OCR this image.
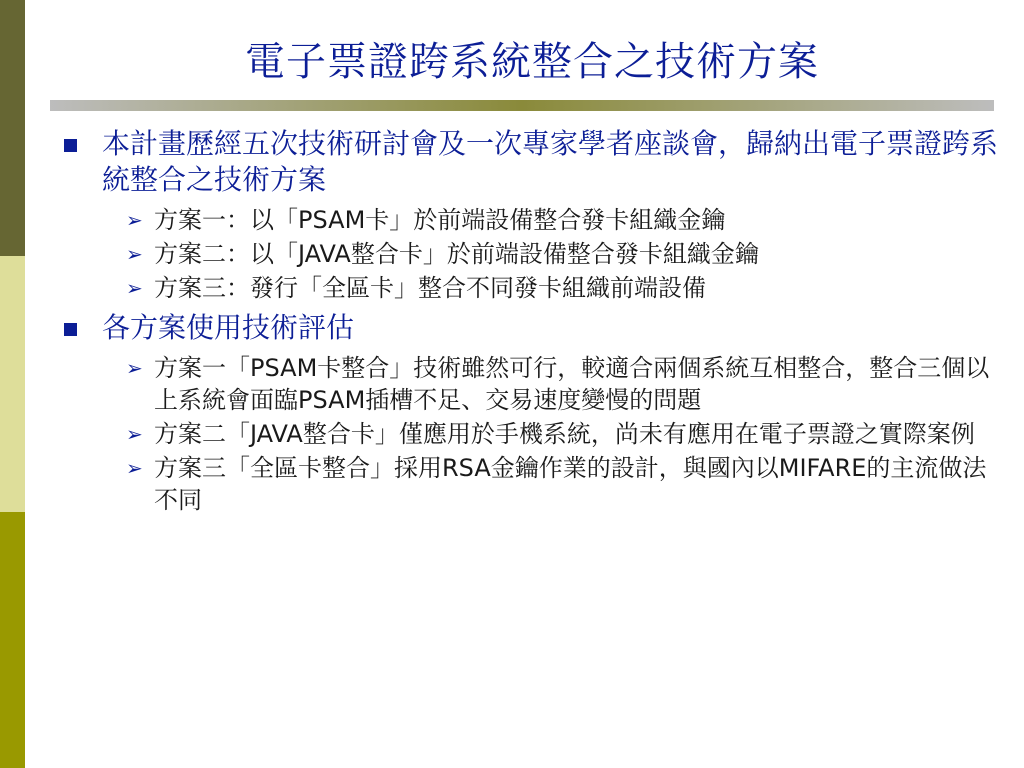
電子票證跨系統整合之技術方案
本計畫歷經五次技術研討會及一次專家學者座談會，歸納出電子票證跨系統整合之技術方案
➢ 方案一：以「PSAM卡」於前端設備整合發卡組織金鑰
➢ 方案二：以「JAVA整合卡」於前端設備整合發卡組織金鑰
➢ 方案三：發行「全區卡」整合不同發卡組織前端設備
各方案使用技術評估
➢ 方案一「PSAM卡整合」技術雖然可行，較適合兩個系統互相整合，整合三個以上系統會面臨PSAM插槽不足、交易速度變慢的問題
➢ 方案二「JAVA整合卡」僅應用於手機系統，尚未有應用在電子票證之實際案例
➢ 方案三「全區卡整合」採用RSA金鑰作業的設計，與國內以MIFARE的主流做法不同
